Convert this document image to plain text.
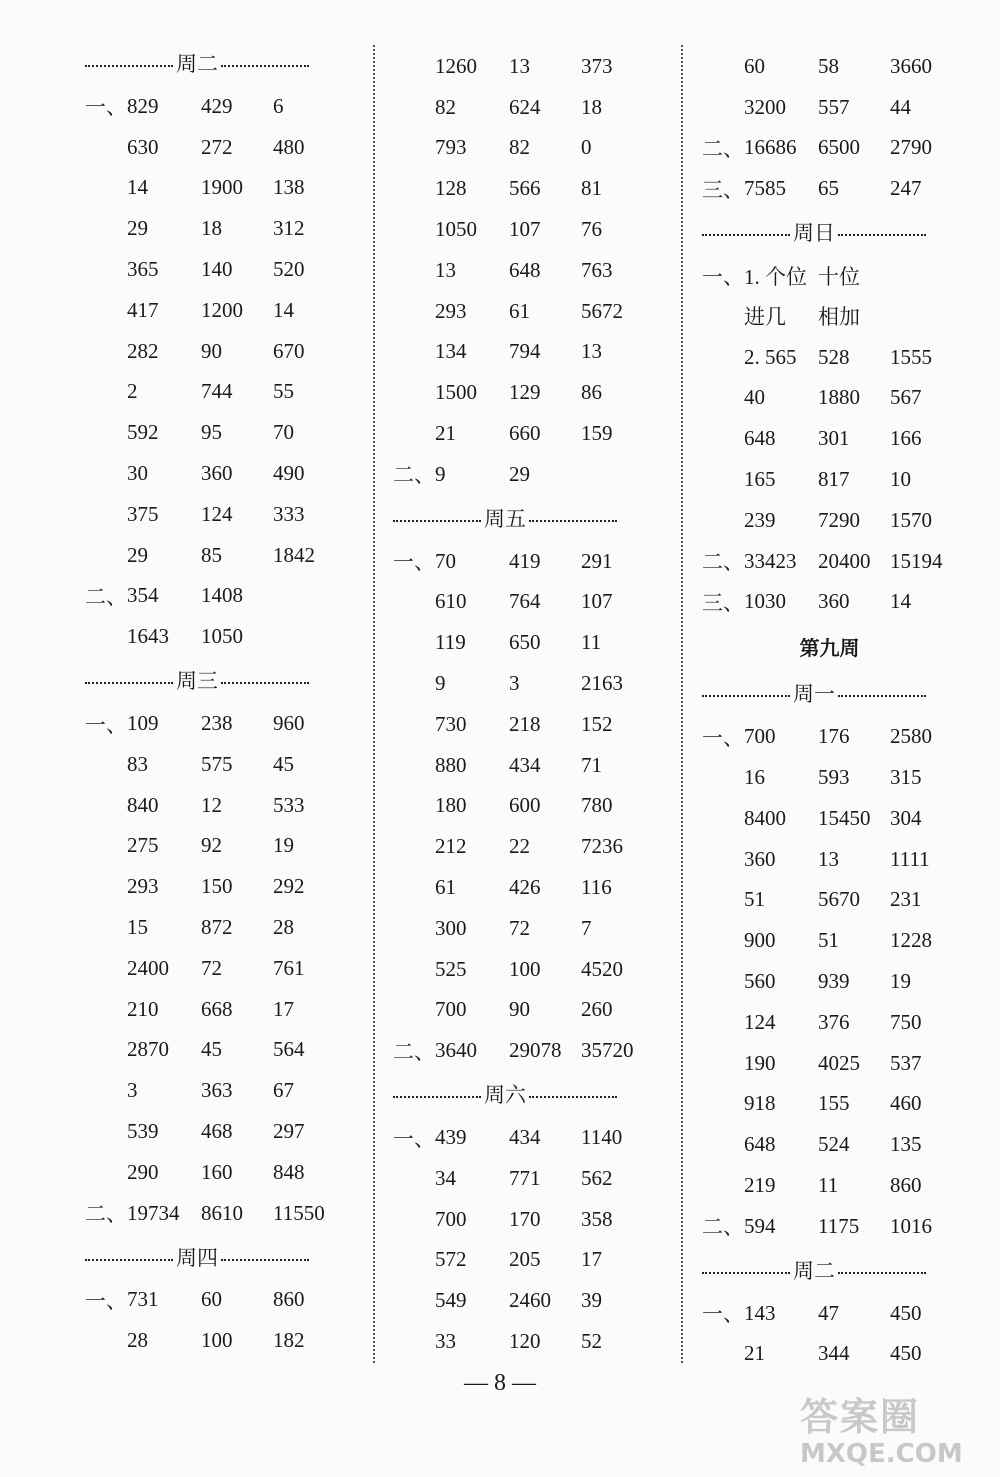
周二
一、 829	429	6
630	272	480
14	1900	138
29	18	312
365	140	520
417	1200	14
282	90	670
2	744	55
592	95	70
30	360	490
375	124	333
29	85	1842
二、 354	1408
1643	1050
周三
一、 109	238	960
83	575	45
840	12	533
275	92	19
293	150	292
15	872	28
2400	72	761
210	668	17
2870	45	564
3	363	67
539	468	297
290	160	848
二、 19734	8610	11550
周四
一、 731	60	860
28	100	182
1260	13	373
82	624	18
793	82	0
128	566	81
1050	107	76
13	648	763
293	61	5672
134	794	13
1500	129	86
21	660	159
二、 9	29
周五
一、 70	419	291
610	764	107
119	650	11
9	3	2163
730	218	152
880	434	71
180	600	780
212	22	7236
61	426	116
300	72	7
525	100	4520
700	90	260
二、 3640	29078 35720
周六
一、 439	434	1140
34	771	562
700	170	358
572	205	17
549	2460	39
33	120	52
60	58	3660
3200	557	44
二、 16686	6500	2790
三、 7585	65	247
周日
一、 1. 个位 十位
进几	相加
2. 565	528	1555
40	1880	567
648	301	166
165	817	10
239	7290	1570
二、 33423	20400 15194
三、 1030	360	14
第九周
周一
一、 700	176	2580
16	593	315
8400	15450 304
360	13	1111
51	5670	231
900	51	1228
560	939	19
124	376	750
190	4025	537
918	155	460
648	524	135
219	11	860
二、 594	1175	1016
周二
一、 143	47	450
21	344	450
— 8 —
答案圈
MXQE.COM
